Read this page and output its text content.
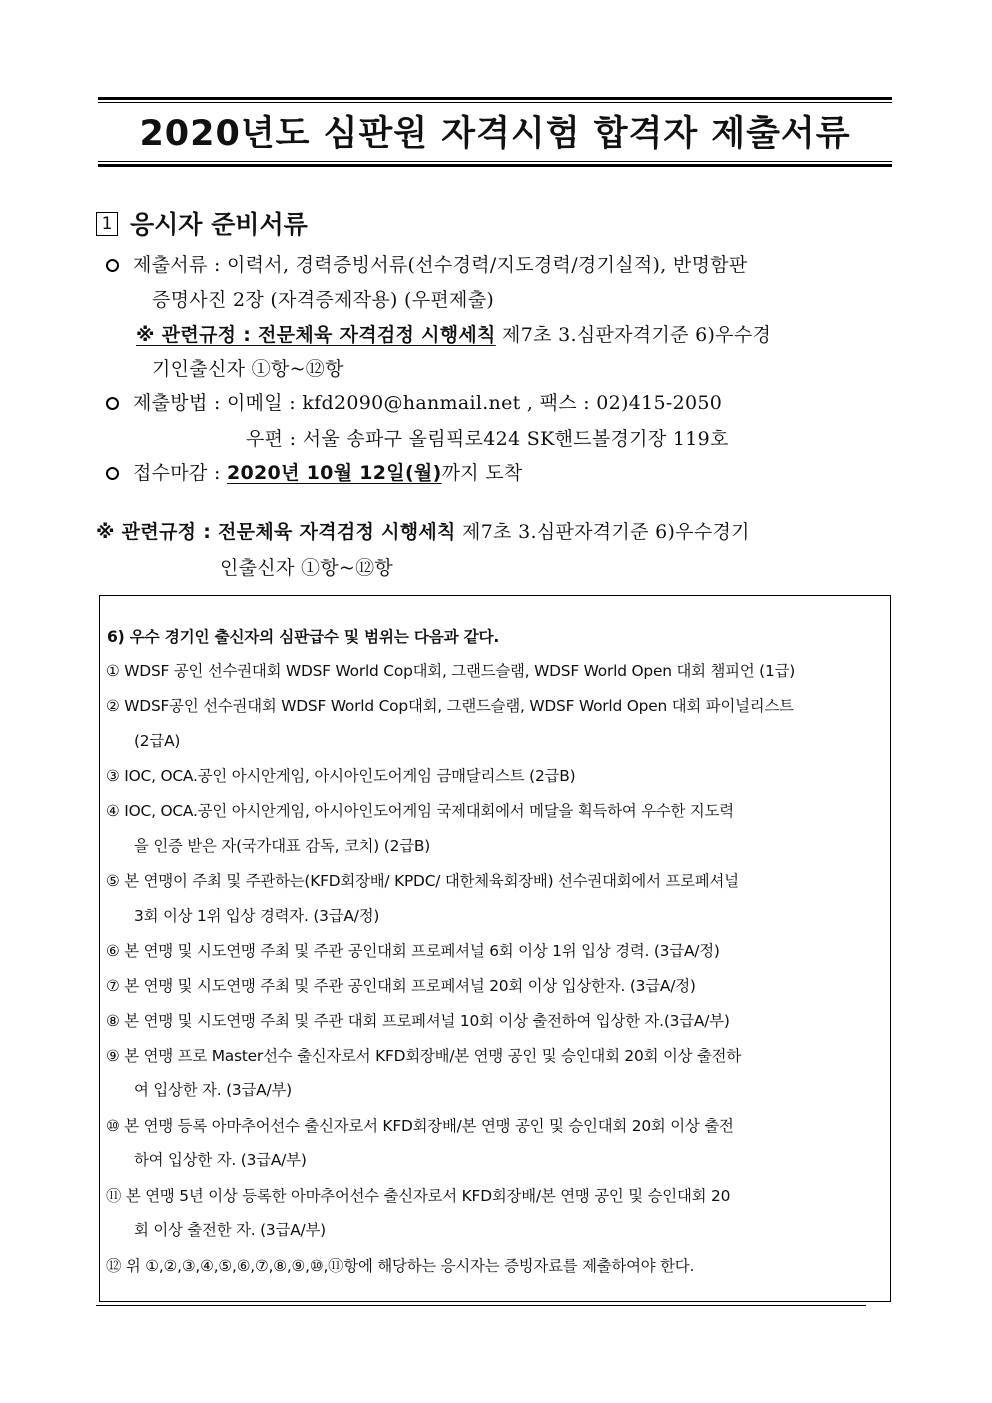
2020년도 심판원 자격시험 합격자 제출서류
1 응시자 준비서류
제출서류 : 이력서, 경력증빙서류(선수경력/지도경력/경기실적), 반명함판
증명사진 2장 (자격증제작용) (우편제출)
※ 관련규정 : 전문체육 자격검정 시행세칙 제7초 3.심판자격기준 6)우수경
기인출신자 ①항~⑫항
제출방법 : 이메일 : kfd2090@hanmail.net , 팩스 : 02)415-2050
우편 : 서울 송파구 올림픽로424 SK핸드볼경기장 119호
접수마감 : 2020년 10월 12일(월)까지 도착
※ 관련규정 : 전문체육 자격검정 시행세칙 제7초 3.심판자격기준 6)우수경기
인출신자 ①항~⑫항
6) 우수 경기인 출신자의 심판급수 및 범위는 다음과 같다.
① WDSF 공인 선수권대회 WDSF World Cop대회, 그랜드슬램, WDSF World Open 대회 챔피언 (1급)
② WDSF공인 선수권대회 WDSF World Cop대회, 그랜드슬램, WDSF World Open 대회 파이널리스트
(2급A)
③ IOC, OCA.공인 아시안게임, 아시아인도어게임 금매달리스트 (2급B)
④ IOC, OCA.공인 아시안게임, 아시아인도어게임 국제대회에서 메달을 획득하여 우수한 지도력
을 인증 받은 자(국가대표 감독, 코치) (2급B)
⑤ 본 연맹이 주최 및 주관하는(KFD회장배/ KPDC/ 대한체육회장배) 선수권대회에서 프로페셔널
3회 이상 1위 입상 경력자. (3급A/정)
⑥ 본 연맹 및 시도연맹 주최 및 주관 공인대회 프로페셔널 6회 이상 1위 입상 경력. (3급A/정)
⑦ 본 연맹 및 시도연맹 주최 및 주관 공인대회 프로페셔널 20회 이상 입상한자. (3급A/정)
⑧ 본 연맹 및 시도연맹 주최 및 주관 대회 프로페셔널 10회 이상 출전하여 입상한 자.(3급A/부)
⑨ 본 연맹 프로 Master선수 출신자로서 KFD회장배/본 연맹 공인 및 승인대회 20회 이상 출전하
여 입상한 자. (3급A/부)
⑩ 본 연맹 등록 아마추어선수 출신자로서 KFD회장배/본 연맹 공인 및 승인대회 20회 이상 출전
하여 입상한 자. (3급A/부)
⑪ 본 연맹 5년 이상 등록한 아마추어선수 출신자로서 KFD회장배/본 연맹 공인 및 승인대회 20
회 이상 출전한 자. (3급A/부)
⑫ 위 ①,②,③,④,⑤,⑥,⑦,⑧,⑨,⑩,⑪항에 해당하는 응시자는 증빙자료를 제출하여야 한다.
